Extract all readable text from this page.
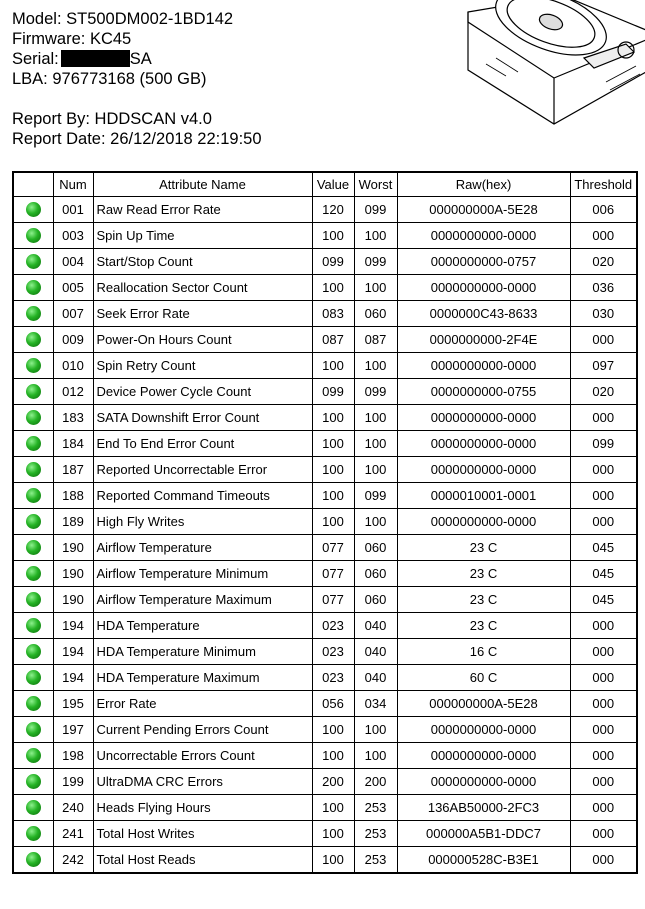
Model: ST500DM002-1BD142
Firmware: KC45
Serial:	SA
LBA: 976773168 (500 GB)
Report By: HDDSCAN v4.0
Report Date: 26/12/2018 22:19:50
	Num	Attribute Name	Value	Worst	Raw(hex)	Threshold
	001	Raw Read Error Rate	120	099	000000000A-5E28	006
	003	Spin Up Time	100	100	0000000000-0000	000
	004	Start/Stop Count	099	099	0000000000-0757	020
	005	Reallocation Sector Count	100	100	0000000000-0000	036
	007	Seek Error Rate	083	060	0000000C43-8633	030
	009	Power-On Hours Count	087	087	0000000000-2F4E	000
	010	Spin Retry Count	100	100	0000000000-0000	097
	012	Device Power Cycle Count	099	099	0000000000-0755	020
	183	SATA Downshift Error Count	100	100	0000000000-0000	000
	184	End To End Error Count	100	100	0000000000-0000	099
	187	Reported Uncorrectable Error	100	100	0000000000-0000	000
	188	Reported Command Timeouts	100	099	0000010001-0001	000
	189	High Fly Writes	100	100	0000000000-0000	000
	190	Airflow Temperature	077	060	23 C	045
	190	Airflow Temperature Minimum	077	060	23 C	045
	190	Airflow Temperature Maximum	077	060	23 C	045
	194	HDA Temperature	023	040	23 C	000
	194	HDA Temperature Minimum	023	040	16 C	000
	194	HDA Temperature Maximum	023	040	60 C	000
	195	Error Rate	056	034	000000000A-5E28	000
	197	Current Pending Errors Count	100	100	0000000000-0000	000
	198	Uncorrectable Errors Count	100	100	0000000000-0000	000
	199	UltraDMA CRC Errors	200	200	0000000000-0000	000
	240	Heads Flying Hours	100	253	136AB50000-2FC3	000
	241	Total Host Writes	100	253	000000A5B1-DDC7	000
	242	Total Host Reads	100	253	000000528C-B3E1	000
